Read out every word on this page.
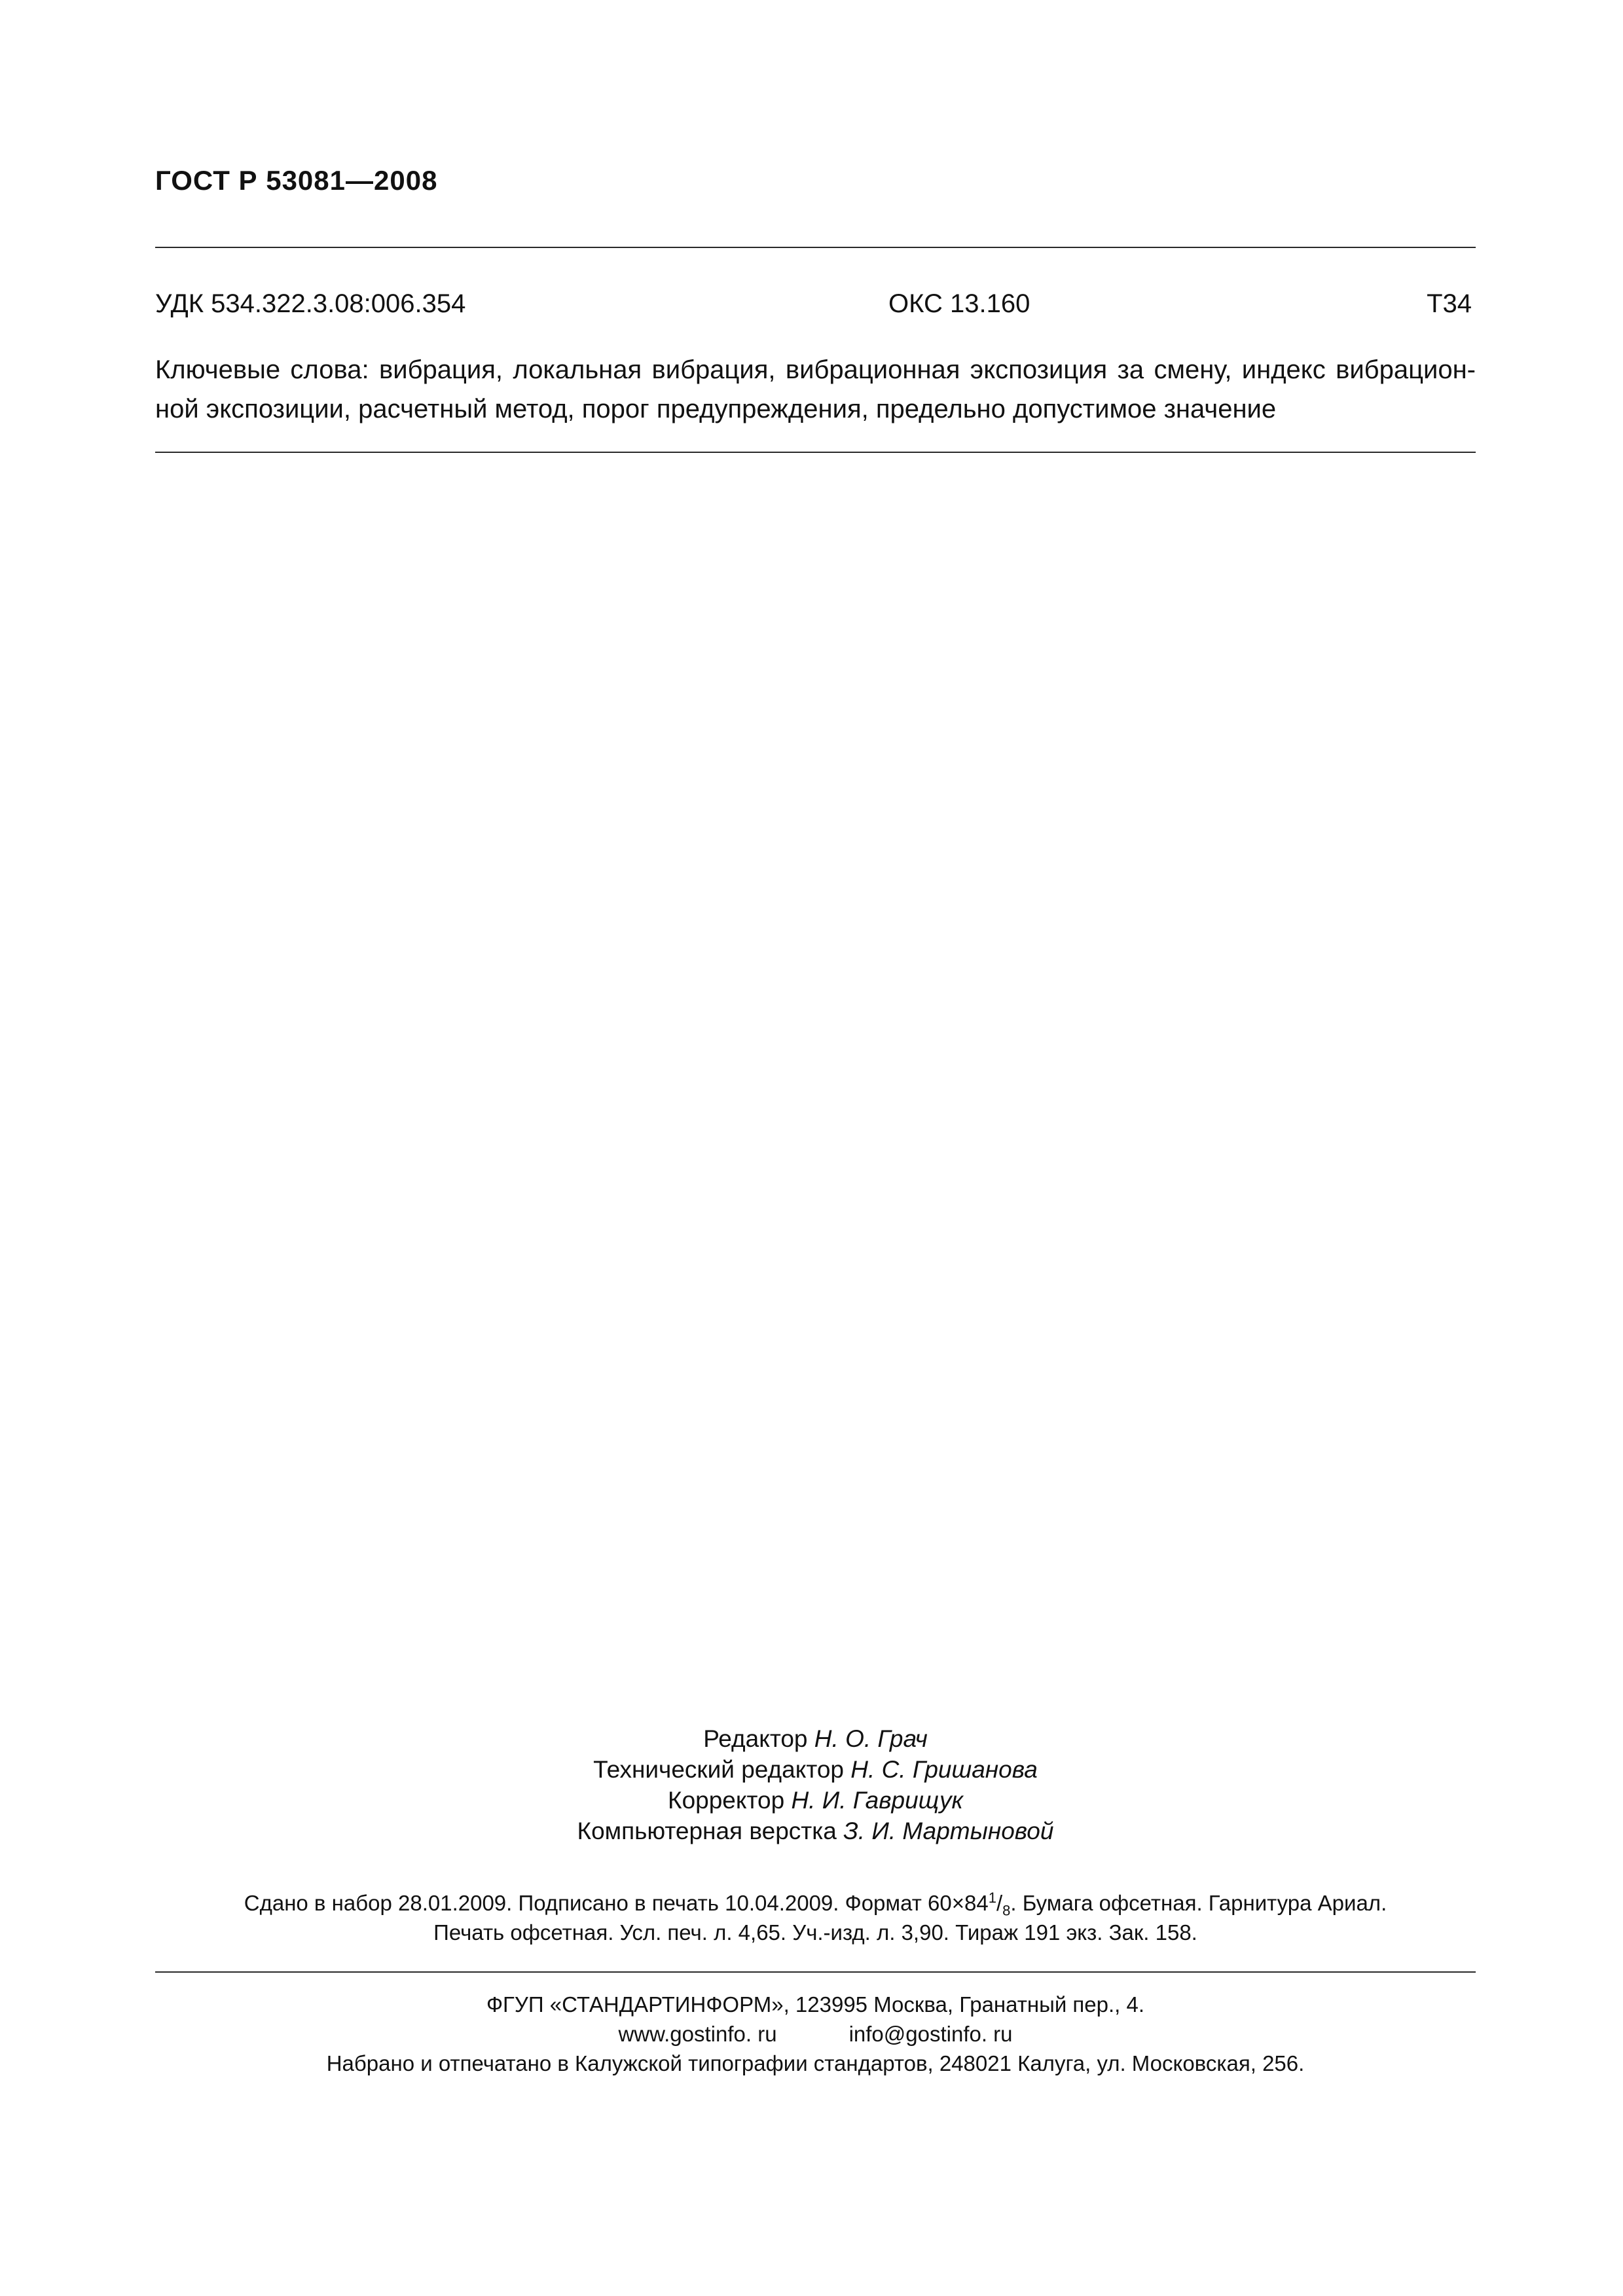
ГОСТ Р 53081—2008
УДК 534.322.3.08:006.354	ОКС 13.160	Т34
Ключевые слова: вибрация, локальная вибрация, вибрационная экспозиция за смену, индекс вибрацион-
ной экспозиции, расчетный метод, порог предупреждения, предельно допустимое значение
Редактор Н. О. Грач
Технический редактор Н. С. Гришанова
Корректор Н. И. Гаврищук
Компьютерная верстка З. И. Мартыновой
Сдано в набор 28.01.2009. Подписано в печать 10.04.2009. Формат $60\times 84^1/_8$. Бумага офсетная. Гарнитура Ариал.
Печать офсетная. Усл. печ. л. 4,65. Уч.-изд. л. 3,90. Тираж 191 экз. Зак. 158.
ФГУП «СТАНДАРТИНФОРМ», 123995 Москва, Гранатный пер., 4.
www.gostinfo. ru	info@gostinfo. ru
Набрано и отпечатано в Калужской типографии стандартов, 248021 Калуга, ул. Московская, 256.
